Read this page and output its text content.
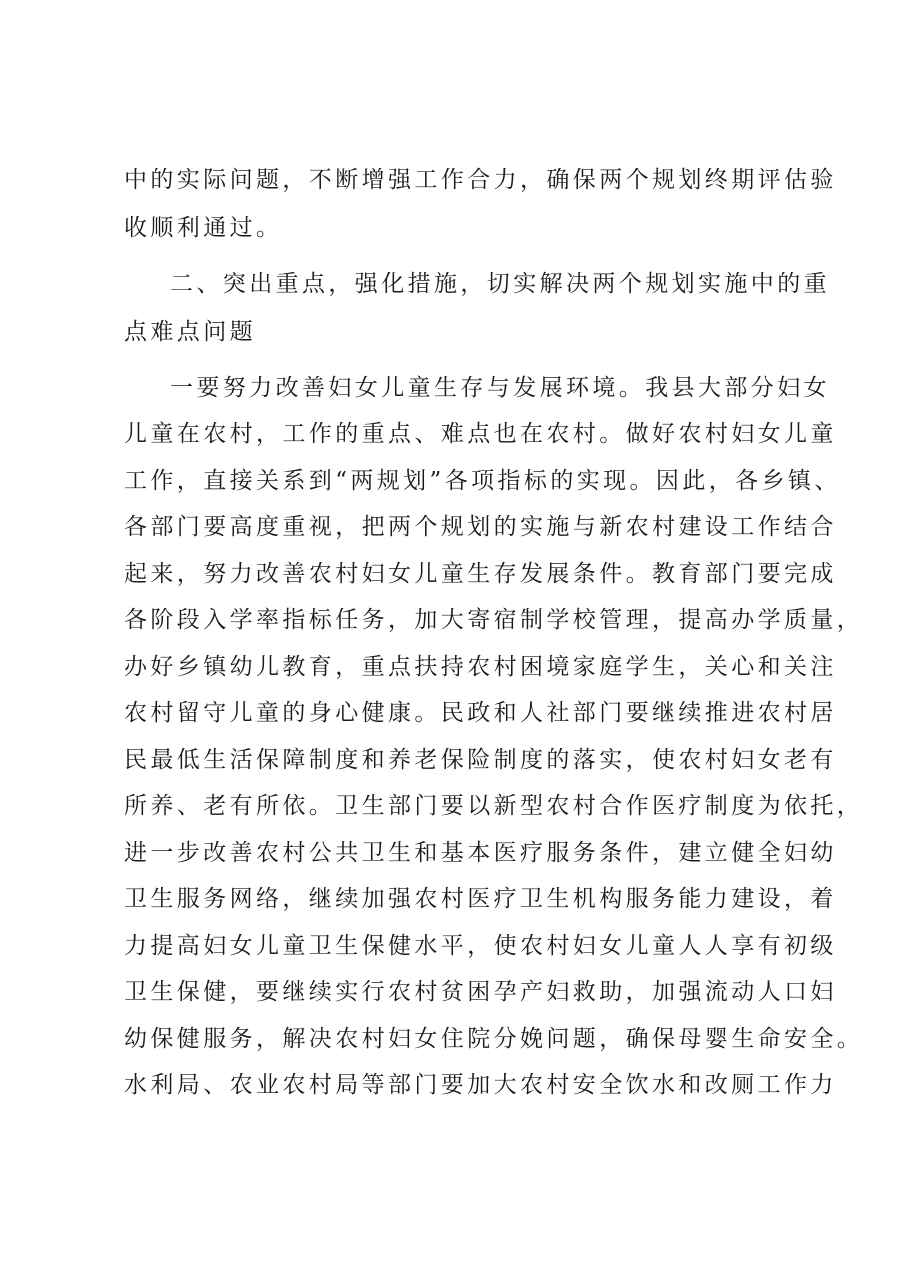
中的实际问题，不断增强工作合力，确保两个规划终期评估验
收顺利通过。
二、突出重点，强化措施，切实解决两个规划实施中的重
点难点问题
一要努力改善妇女儿童生存与发展环境。我县大部分妇女
儿童在农村，工作的重点、难点也在农村。做好农村妇女儿童
工作，直接关系到“两规划”各项指标的实现。因此，各乡镇、
各部门要高度重视，把两个规划的实施与新农村建设工作结合
起来，努力改善农村妇女儿童生存发展条件。教育部门要完成
各阶段入学率指标任务，加大寄宿制学校管理，提高办学质量，
办好乡镇幼儿教育，重点扶持农村困境家庭学生，关心和关注
农村留守儿童的身心健康。民政和人社部门要继续推进农村居
民最低生活保障制度和养老保险制度的落实，使农村妇女老有
所养、老有所依。卫生部门要以新型农村合作医疗制度为依托，
进一步改善农村公共卫生和基本医疗服务条件，建立健全妇幼
卫生服务网络，继续加强农村医疗卫生机构服务能力建设，着
力提高妇女儿童卫生保健水平，使农村妇女儿童人人享有初级
卫生保健，要继续实行农村贫困孕产妇救助，加强流动人口妇
幼保健服务，解决农村妇女住院分娩问题，确保母婴生命安全。
水利局、农业农村局等部门要加大农村安全饮水和改厕工作力
